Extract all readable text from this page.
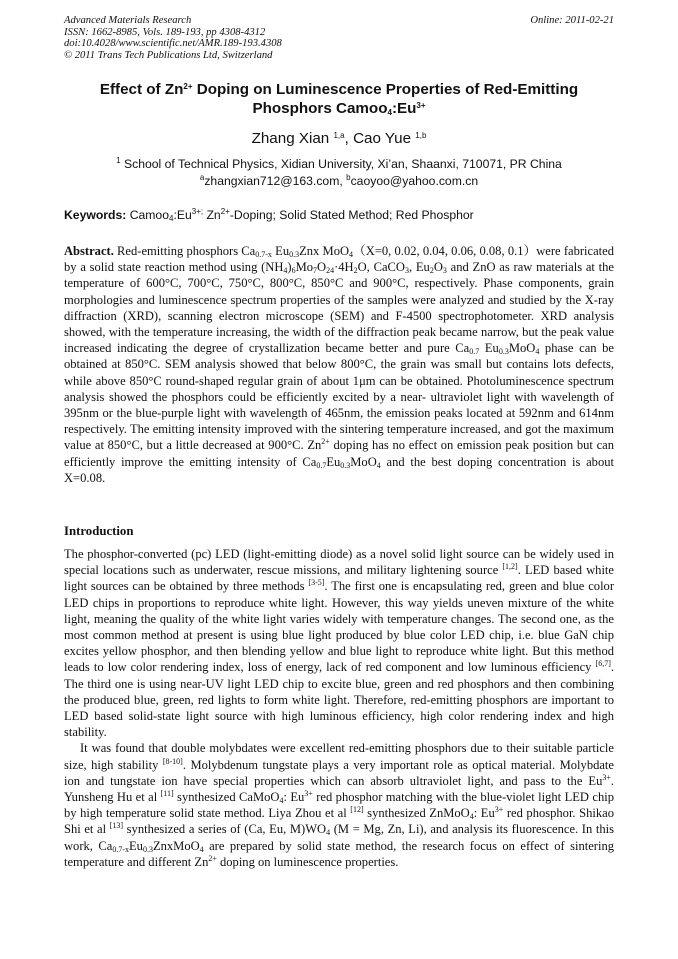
Advanced Materials Research
ISSN: 1662-8985, Vols. 189-193, pp 4308-4312
doi:10.4028/www.scientific.net/AMR.189-193.4308
© 2011 Trans Tech Publications Ltd, Switzerland
Online: 2011-02-21
Effect of $Zn^{2+}$ Doping on Luminescence Properties of Red-Emitting
Phosphors $Camoo_4:Eu^{3+}$
Zhang Xian $^{1,a}$, Cao Yue $^{1,b}$
$^1$ School of Technical Physics, Xidian University, Xi’an, Shaanxi, 710071, PR China
$^a$zhangxian712@163.com, $^b$caoyoo@yahoo.com.cn
Keywords: $Camoo_4:Eu^{3+;}$ $Zn^{2+}$-Doping; Solid Stated Method; Red Phosphor
Abstract. Red-emitting phosphors $Ca_{0.7-x}$ $Eu_{0.3}Znx$ MoO$_4$（X=0, 0.02, 0.04, 0.06, 0.08, 0.1）were fabricated by a solid state reaction method using $(NH_4)_6Mo_7O_{24}\cdot 4H_2O$, CaCO$_3$, $Eu_2O_3$ and ZnO as raw materials at the temperature of 600°C, 700°C, 750°C, 800°C, 850°C and 900°C, respectively. Phase components, grain morphologies and luminescence spectrum properties of the samples were analyzed and studied by the X-ray diffraction (XRD), scanning electron microscope (SEM) and F-4500 spectrophotometer. XRD analysis showed, with the temperature increasing, the width of the diffraction peak became narrow, but the peak value increased indicating the degree of crystallization became better and pure $Ca_{0.7}$ $Eu_{0.3}MoO_4$ phase can be obtained at 850°C. SEM analysis showed that below 800°C, the grain was small but contains lots defects, while above 850°C round-shaped regular grain of about 1μm can be obtained. Photoluminescence spectrum analysis showed the phosphors could be efficiently excited by a near- ultraviolet light with wavelength of 395nm or the blue-purple light with wavelength of 465nm, the emission peaks located at 592nm and 614nm respectively. The emitting intensity improved with the sintering temperature increased, and got the maximum value at 850°C, but a little decreased at 900°C. $Zn^{2+}$ doping has no effect on emission peak position but can efficiently improve the emitting intensity of $Ca_{0.7}Eu_{0.3}MoO_4$ and the best doping concentration is about X=0.08.
Introduction

The phosphor-converted (pc) LED (light-emitting diode) as a novel solid light source can be widely used in special locations such as underwater, rescue missions, and military lightening source [1,2]. LED based white light sources can be obtained by three methods [3-5]. The first one is encapsulating red, green and blue color LED chips in proportions to reproduce white light. However, this way yields uneven mixture of the white light, meaning the quality of the white light varies widely with temperature changes. The second one, as the most common method at present is using blue light produced by blue color LED chip, i.e. blue GaN chip excites yellow phosphor, and then blending yellow and blue light to reproduce white light. But this method leads to low color rendering index, loss of energy, lack of red component and low luminous efficiency [6,7]. The third one is using near-UV light LED chip to excite blue, green and red phosphors and then combining the produced blue, green, red lights to form white light. Therefore, red-emitting phosphors are important to LED based solid-state light source with high luminous efficiency, high color rendering index and high stability.

It was found that double molybdates were excellent red-emitting phosphors due to their suitable particle size, high stability [8-10]. Molybdenum tungstate plays a very important role as optical material. Molybdate ion and tungstate ion have special properties which can absorb ultraviolet light, and pass to the $Eu^{3+}$. Yunsheng Hu et al [11] synthesized CaMoO$_4$: $Eu^{3+}$ red phosphor matching with the blue-violet light LED chip by high temperature solid state method. Liya Zhou et al [12] synthesized ZnMoO$_4$: $Eu^{3+}$ red phosphor. Shikao Shi et al [13] synthesized a series of (Ca, Eu, $M)WO_4$ (M = Mg, Zn, Li), and analysis its fluorescence. In this work, $Ca_{0.7-x}Eu_{0.3}ZnxMoO_4$ are prepared by solid state method, the research focus on effect of sintering temperature and different $Zn^{2+}$ doping on luminescence properties.
